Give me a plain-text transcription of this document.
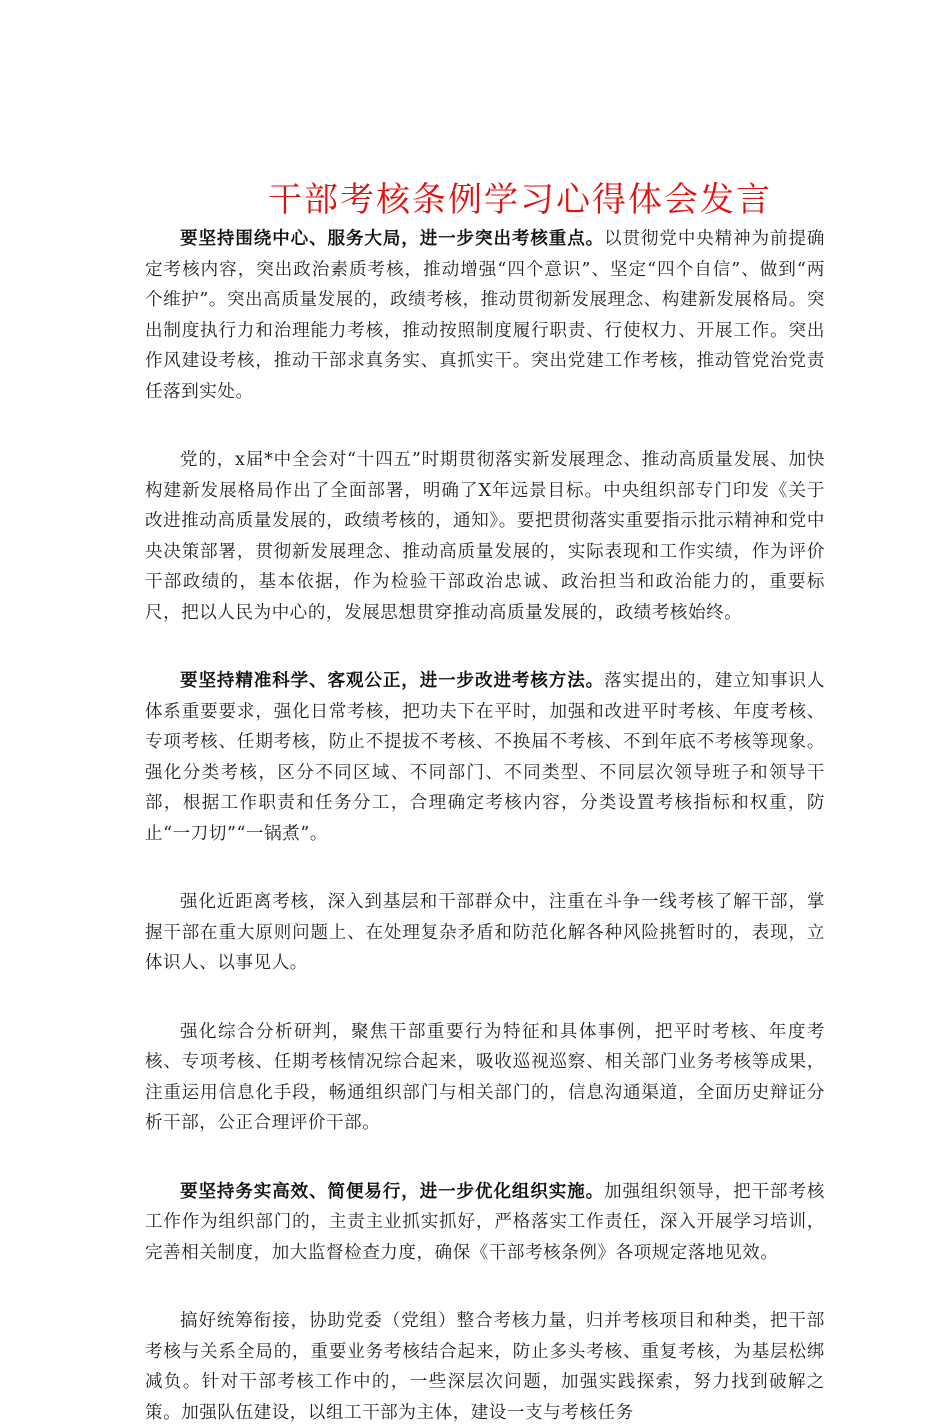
干部考核条例学习心得体会发言

要坚持围绕中心、服务大局，进一步突出考核重点。以贯彻党中央精神为前提确定考核内容，突出政治素质考核，推动增强“四个意识”、坚定“四个自信”、做到“两个维护”。突出高质量发展的，政绩考核，推动贯彻新发展理念、构建新发展格局。突出制度执行力和治理能力考核，推动按照制度履行职责、行使权力、开展工作。突出作风建设考核，推动干部求真务实、真抓实干。突出党建工作考核，推动管党治党责任落到实处。

党的，x届*中全会对“十四五”时期贯彻落实新发展理念、推动高质量发展、加快构建新发展格局作出了全面部署，明确了X年远景目标。中央组织部专门印发《关于改进推动高质量发展的，政绩考核的，通知》。要把贯彻落实重要指示批示精神和党中央决策部署，贯彻新发展理念、推动高质量发展的，实际表现和工作实绩，作为评价干部政绩的，基本依据，作为检验干部政治忠诚、政治担当和政治能力的，重要标尺，把以人民为中心的，发展思想贯穿推动高质量发展的，政绩考核始终。

要坚持精准科学、客观公正，进一步改进考核方法。落实提出的，建立知事识人体系重要要求，强化日常考核，把功夫下在平时，加强和改进平时考核、年度考核、专项考核、任期考核，防止不提拔不考核、不换届不考核、不到年底不考核等现象。强化分类考核，区分不同区域、不同部门、不同类型、不同层次领导班子和领导干部，根据工作职责和任务分工，合理确定考核内容，分类设置考核指标和权重，防止“一刀切”“一锅煮”。

强化近距离考核，深入到基层和干部群众中，注重在斗争一线考核了解干部，掌握干部在重大原则问题上、在处理复杂矛盾和防范化解各种风险挑暂时的，表现，立体识人、以事见人。

强化综合分析研判，聚焦干部重要行为特征和具体事例，把平时考核、年度考核、专项考核、任期考核情况综合起来，吸收巡视巡察、相关部门业务考核等成果，注重运用信息化手段，畅通组织部门与相关部门的，信息沟通渠道，全面历史辩证分析干部，公正合理评价干部。

要坚持务实高效、简便易行，进一步优化组织实施。加强组织领导，把干部考核工作作为组织部门的，主责主业抓实抓好，严格落实工作责任，深入开展学习培训，完善相关制度，加大监督检查力度，确保《干部考核条例》各项规定落地见效。

搞好统筹衔接，协助党委（党组）整合考核力量，归并考核项目和种类，把干部考核与关系全局的，重要业务考核结合起来，防止多头考核、重复考核，为基层松绑减负。针对干部考核工作中的，一些深层次问题，加强实践探索，努力找到破解之策。加强队伍建设，以组工干部为主体，建设一支与考核任务
